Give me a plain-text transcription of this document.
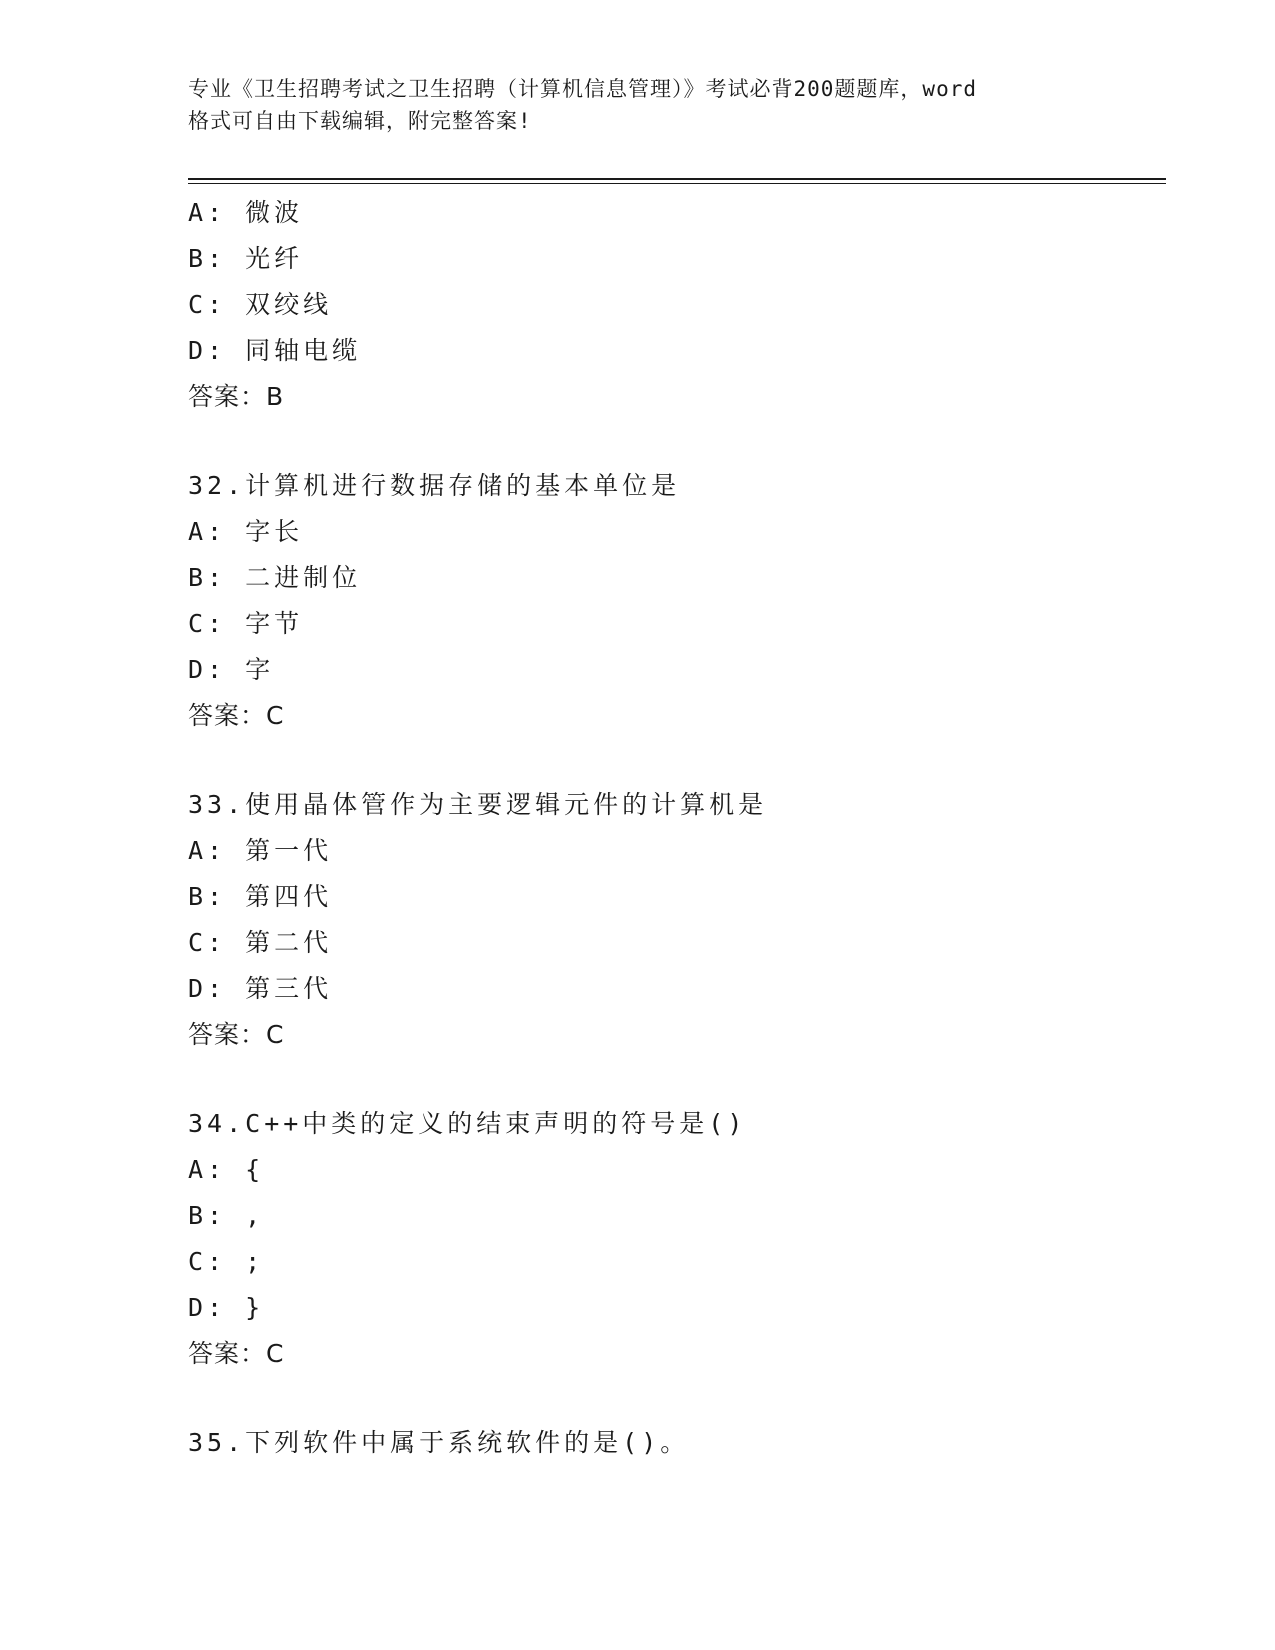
专业《卫生招聘考试之卫生招聘（计算机信息管理）》考试必背200题题库，word
格式可自由下载编辑，附完整答案!
A: 微波
B: 光纤
C: 双绞线
D: 同轴电缆
答案：B
32.计算机进行数据存储的基本单位是
A: 字长
B: 二进制位
C: 字节
D: 字
答案：C
33.使用晶体管作为主要逻辑元件的计算机是
A: 第一代
B: 第四代
C: 第二代
D: 第三代
答案：C
34.C++中类的定义的结束声明的符号是()
A: {
B: ,
C: ;
D: }
答案：C
35.下列软件中属于系统软件的是()。
